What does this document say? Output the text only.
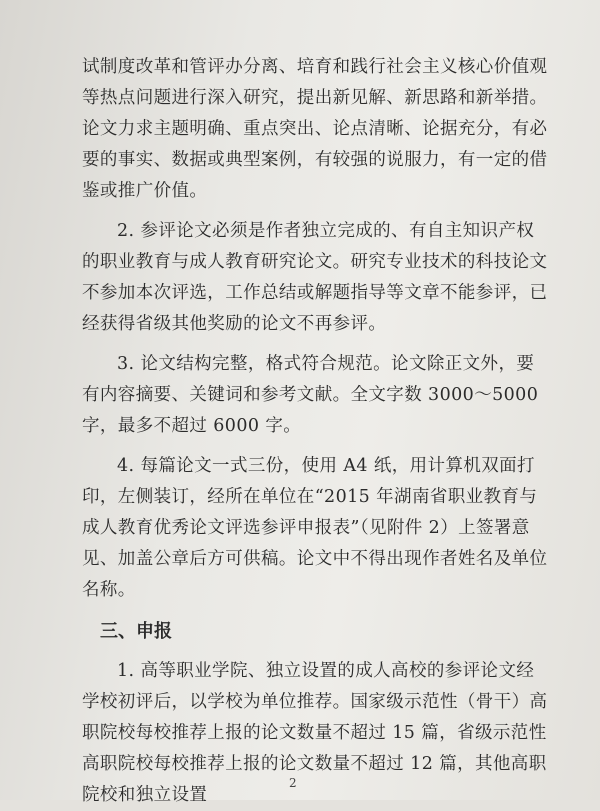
试制度改革和管评办分离、培育和践行社会主义核心价值观等热点问题进行深入研究，提出新见解、新思路和新举措。论文力求主题明确、重点突出、论点清晰、论据充分，有必要的事实、数据或典型案例，有较强的说服力，有一定的借鉴或推广价值。

2. 参评论文必须是作者独立完成的、有自主知识产权的职业教育与成人教育研究论文。研究专业技术的科技论文不参加本次评选，工作总结或解题指导等文章不能参评，已经获得省级其他奖励的论文不再参评。

3. 论文结构完整，格式符合规范。论文除正文外，要有内容摘要、关键词和参考文献。全文字数 3000～5000 字，最多不超过 6000 字。

4. 每篇论文一式三份，使用 A4 纸，用计算机双面打印，左侧装订，经所在单位在“2015 年湖南省职业教育与成人教育优秀论文评选参评申报表”（见附件 2）上签署意见、加盖公章后方可供稿。论文中不得出现作者姓名及单位名称。

三、申报

1. 高等职业学院、独立设置的成人高校的参评论文经学校初评后，以学校为单位推荐。国家级示范性（骨干）高职院校每校推荐上报的论文数量不超过 15 篇，省级示范性高职院校每校推荐上报的论文数量不超过 12 篇，其他高职院校和独立设置

2
